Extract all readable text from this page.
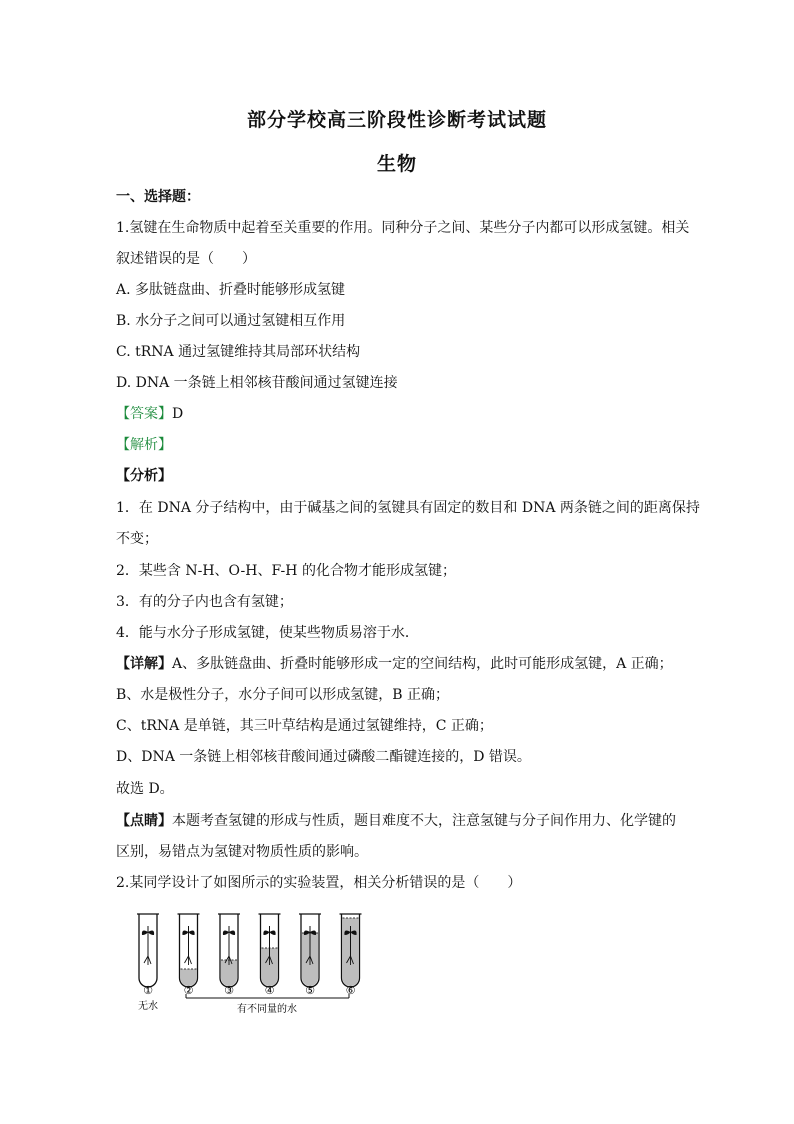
部分学校高三阶段性诊断考试试题
生物
一、选择题：
1.氢键在生命物质中起着至关重要的作用。同种分子之间、某些分子内都可以形成氢键。相关
叙述错误的是（　　）
A. 多肽链盘曲、折叠时能够形成氢键
B. 水分子之间可以通过氢键相互作用
C. tRNA 通过氢键维持其局部环状结构
D. DNA 一条链上相邻核苷酸间通过氢键连接
【答案】D
【解析】
【分析】
1．在 DNA 分子结构中，由于碱基之间的氢键具有固定的数目和 DNA 两条链之间的距离保持
不变；
2．某些含 N-H、O-H、F-H 的化合物才能形成氢键；
3．有的分子内也含有氢键；
4．能与水分子形成氢键，使某些物质易溶于水．
【详解】A、多肽链盘曲、折叠时能够形成一定的空间结构，此时可能形成氢键，A 正确；
B、水是极性分子，水分子间可以形成氢键，B 正确；
C、tRNA 是单链，其三叶草结构是通过氢键维持，C 正确；
D、DNA 一条链上相邻核苷酸间通过磷酸二酯键连接的，D 错误。
故选 D。
【点睛】本题考查氢键的形成与性质，题目难度不大，注意氢键与分子间作用力、化学键的
区别，易错点为氢键对物质性质的影响。
2.某同学设计了如图所示的实验装置，相关分析错误的是（　　）
①	②	③	④	⑤	⑥
无水	有不同量的水
